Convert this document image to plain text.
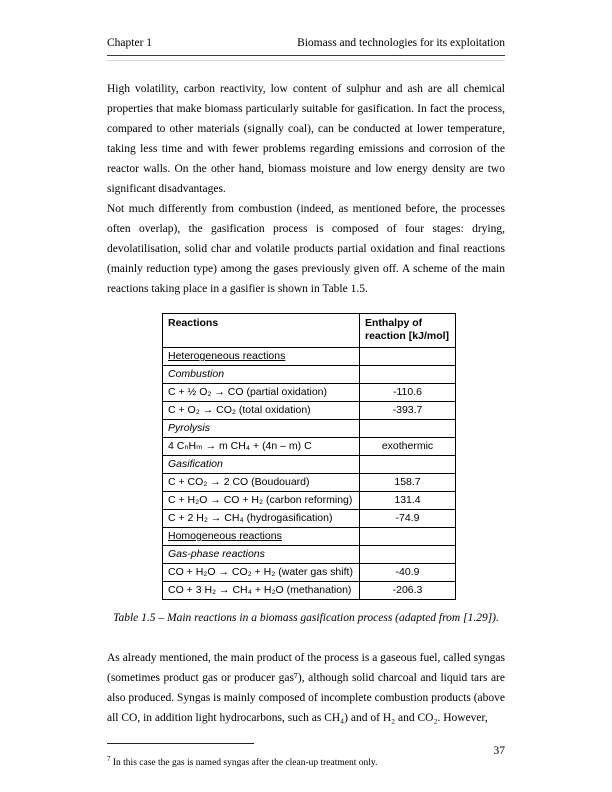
Chapter 1	Biomass and technologies for its exploitation

High volatility, carbon reactivity, low content of sulphur and ash are all chemical properties that make biomass particularly suitable for gasification. In fact the process, compared to other materials (signally coal), can be conducted at lower temperature, taking less time and with fewer problems regarding emissions and corrosion of the reactor walls. On the other hand, biomass moisture and low energy density are two significant disadvantages.

Not much differently from combustion (indeed, as mentioned before, the processes often overlap), the gasification process is composed of four stages: drying, devolatilisation, solid char and volatile products partial oxidation and final reactions (mainly reduction type) among the gases previously given off. A scheme of the main reactions taking place in a gasifier is shown in Table 1.5.

Reactions	Enthalpy of reaction [kJ/mol]
Heterogeneous reactions	
Combustion	
C + ½ O₂ → CO (partial oxidation)	-110.6
C + O₂ → CO₂ (total oxidation)	-393.7
Pyrolysis	
4 CₙHₘ → m CH₄ + (4n – m) C	exothermic
Gasification	
C + CO₂ → 2 CO (Boudouard)	158.7
C + H₂O → CO + H₂ (carbon reforming)	131.4
C + 2 H₂ → CH₄ (hydrogasification)	-74.9
Homogeneous reactions	
Gas-phase reactions	
CO + H₂O → CO₂ + H₂ (water gas shift)	-40.9
CO + 3 H₂ → CH₄ + H₂O (methanation)	-206.3
Table 1.5 – Main reactions in a biomass gasification process (adapted from [1.29]).

As already mentioned, the main product of the process is a gaseous fuel, called syngas (sometimes product gas or producer gas⁷), although solid charcoal and liquid tars are also produced. Syngas is mainly composed of incomplete combustion products (above all CO, in addition light hydrocarbons, such as CH₄) and of H₂ and CO₂. However,

$^7$ In this case the gas is named syngas after the clean-up treatment only.
37
